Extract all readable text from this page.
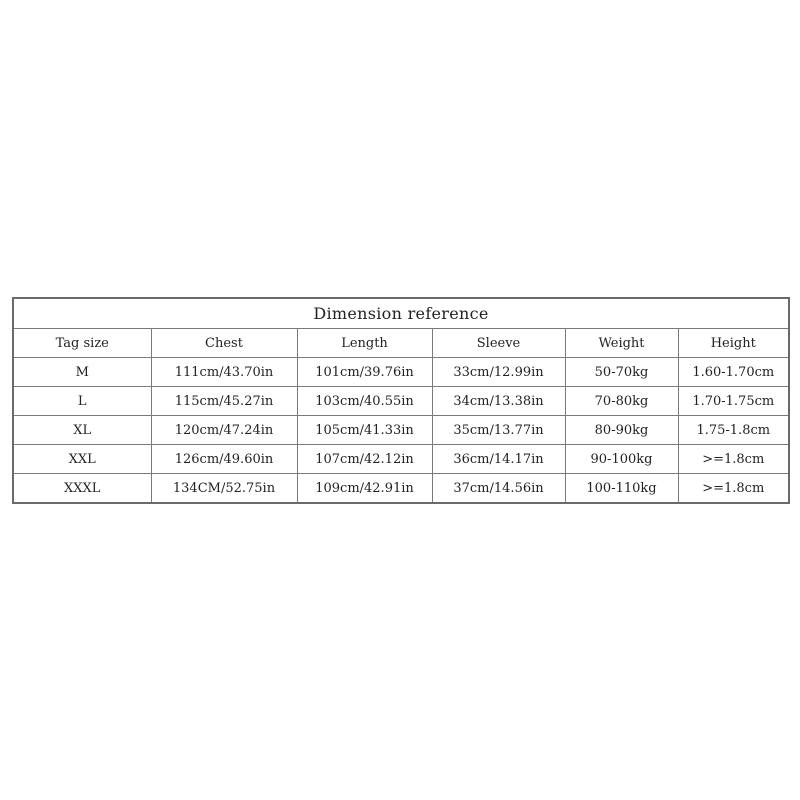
Dimension reference					
Tag size	Chest	Length	Sleeve	Weight	Height
M	111cm/43.70in	101cm/39.76in	33cm/12.99in	50-70kg	1.60-1.70cm
L	115cm/45.27in	103cm/40.55in	34cm/13.38in	70-80kg	1.70-1.75cm
XL	120cm/47.24in	105cm/41.33in	35cm/13.77in	80-90kg	1.75-1.8cm
XXL	126cm/49.60in	107cm/42.12in	36cm/14.17in	90-100kg	>=1.8cm
XXXL	134CM/52.75in	109cm/42.91in	37cm/14.56in	100-110kg	>=1.8cm
